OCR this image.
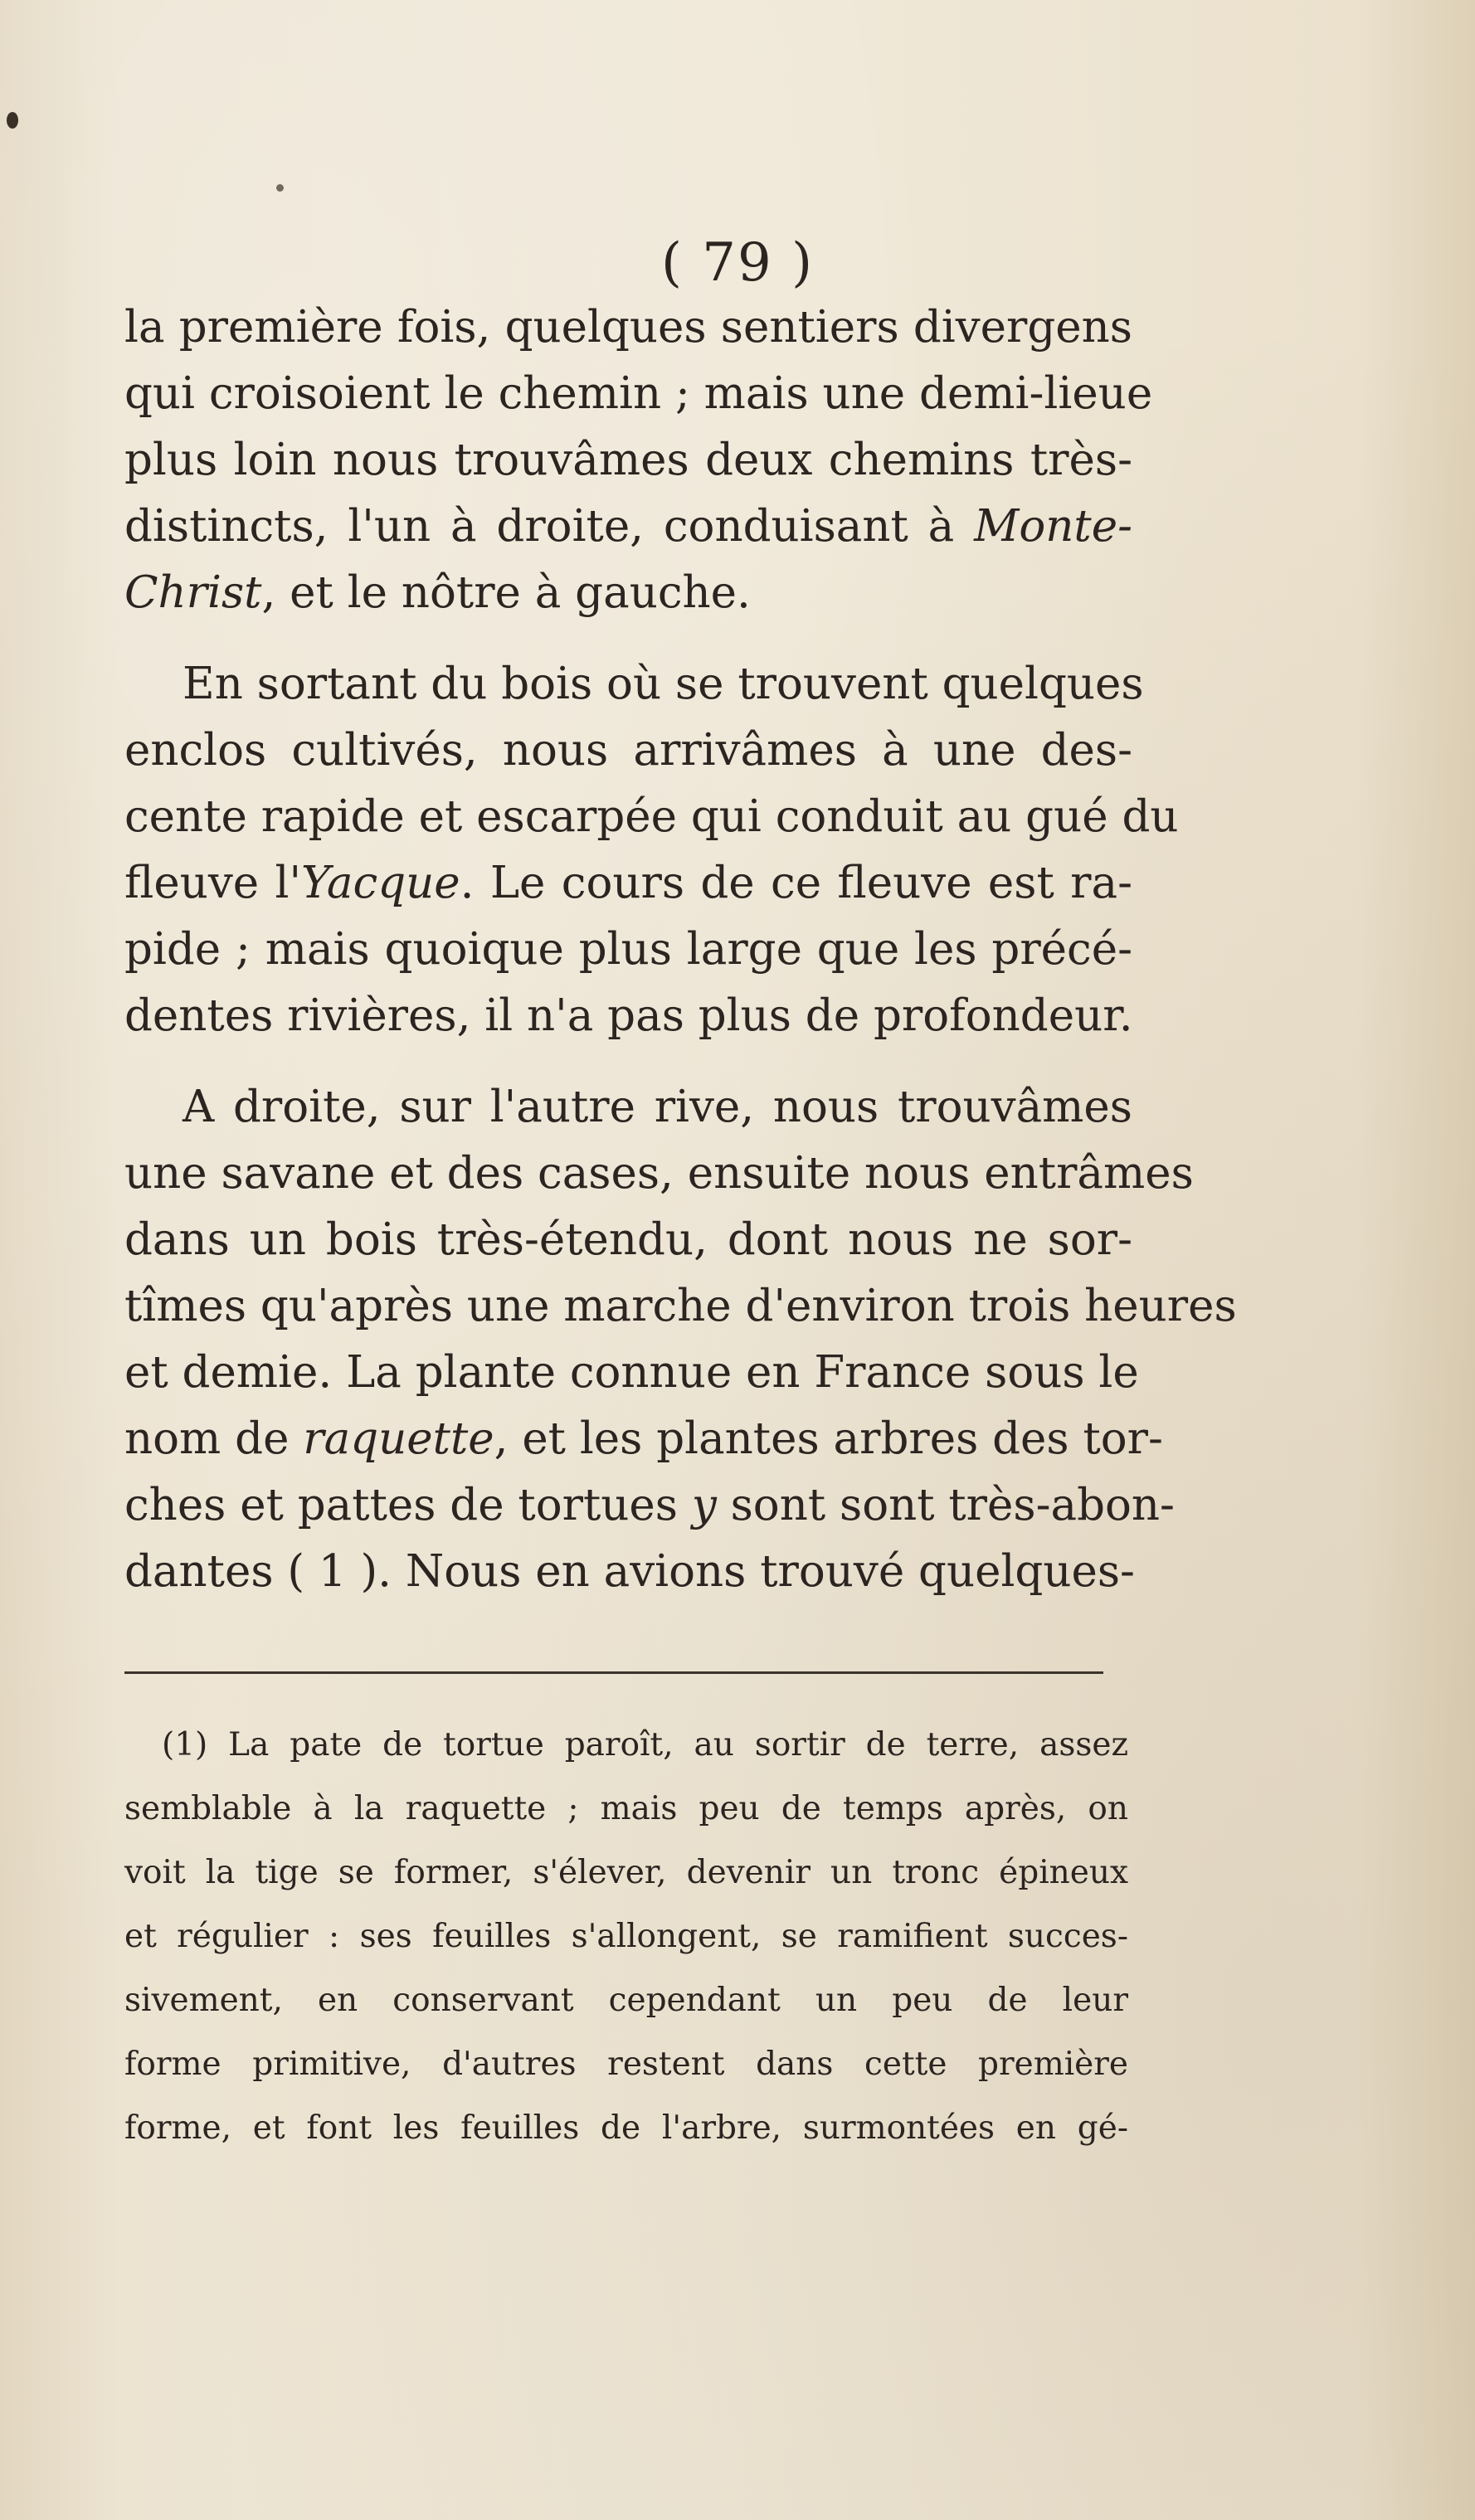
( 79 )
la première fois, quelques sentiers divergens
qui croisoient le chemin ; mais une demi-lieue
plus loin nous trouvâmes deux chemins très-
distincts, l'un à droite, conduisant à Monte-
Christ, et le nôtre à gauche.
En sortant du bois où se trouvent quelques
enclos cultivés, nous arrivâmes à une des-
cente rapide et escarpée qui conduit au gué du
fleuve l'Yacque. Le cours de ce fleuve est ra-
pide ; mais quoique plus large que les précé-
dentes rivières, il n'a pas plus de profondeur.
A droite, sur l'autre rive, nous trouvâmes
une savane et des cases, ensuite nous entrâmes
dans un bois très-étendu, dont nous ne sor-
tîmes qu'après une marche d'environ trois heures
et demie. La plante connue en France sous le
nom de raquette, et les plantes arbres des tor-
ches et pattes de tortues y sont sont très-abon-
dantes ( 1 ). Nous en avions trouvé quelques-
(1) La pate de tortue paroît, au sortir de terre, assez
semblable à la raquette ; mais peu de temps après, on
voit la tige se former, s'élever, devenir un tronc épineux
et régulier : ses feuilles s'allongent, se ramifient succes-
sivement, en conservant cependant un peu de leur
forme primitive, d'autres restent dans cette première
forme, et font les feuilles de l'arbre, surmontées en gé-
